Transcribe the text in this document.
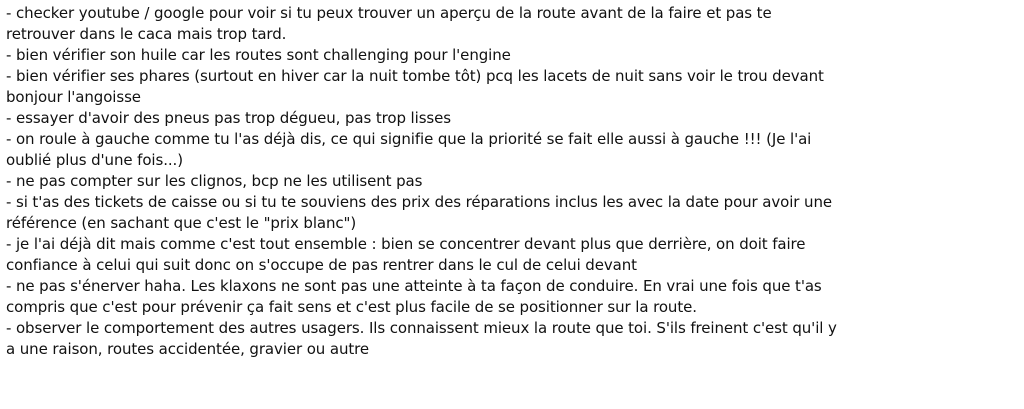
- checker youtube / google pour voir si tu peux trouver un aperçu de la route avant de la faire et pas te
retrouver dans le caca mais trop tard.
- bien vérifier son huile car les routes sont challenging pour l'engine
- bien vérifier ses phares (surtout en hiver car la nuit tombe tôt) pcq les lacets de nuit sans voir le trou devant
bonjour l'angoisse
- essayer d'avoir des pneus pas trop dégueu, pas trop lisses
- on roule à gauche comme tu l'as déjà dis, ce qui signifie que la priorité se fait elle aussi à gauche !!! (Je l'ai
oublié plus d'une fois...)
- ne pas compter sur les clignos, bcp ne les utilisent pas
- si t'as des tickets de caisse ou si tu te souviens des prix des réparations inclus les avec la date pour avoir une
référence (en sachant que c'est le "prix blanc")
- je l'ai déjà dit mais comme c'est tout ensemble : bien se concentrer devant plus que derrière, on doit faire
confiance à celui qui suit donc on s'occupe de pas rentrer dans le cul de celui devant
- ne pas s'énerver haha. Les klaxons ne sont pas une atteinte à ta façon de conduire. En vrai une fois que t'as
compris que c'est pour prévenir ça fait sens et c'est plus facile de se positionner sur la route.
- observer le comportement des autres usagers. Ils connaissent mieux la route que toi. S'ils freinent c'est qu'il y
a une raison, routes accidentée, gravier ou autre
